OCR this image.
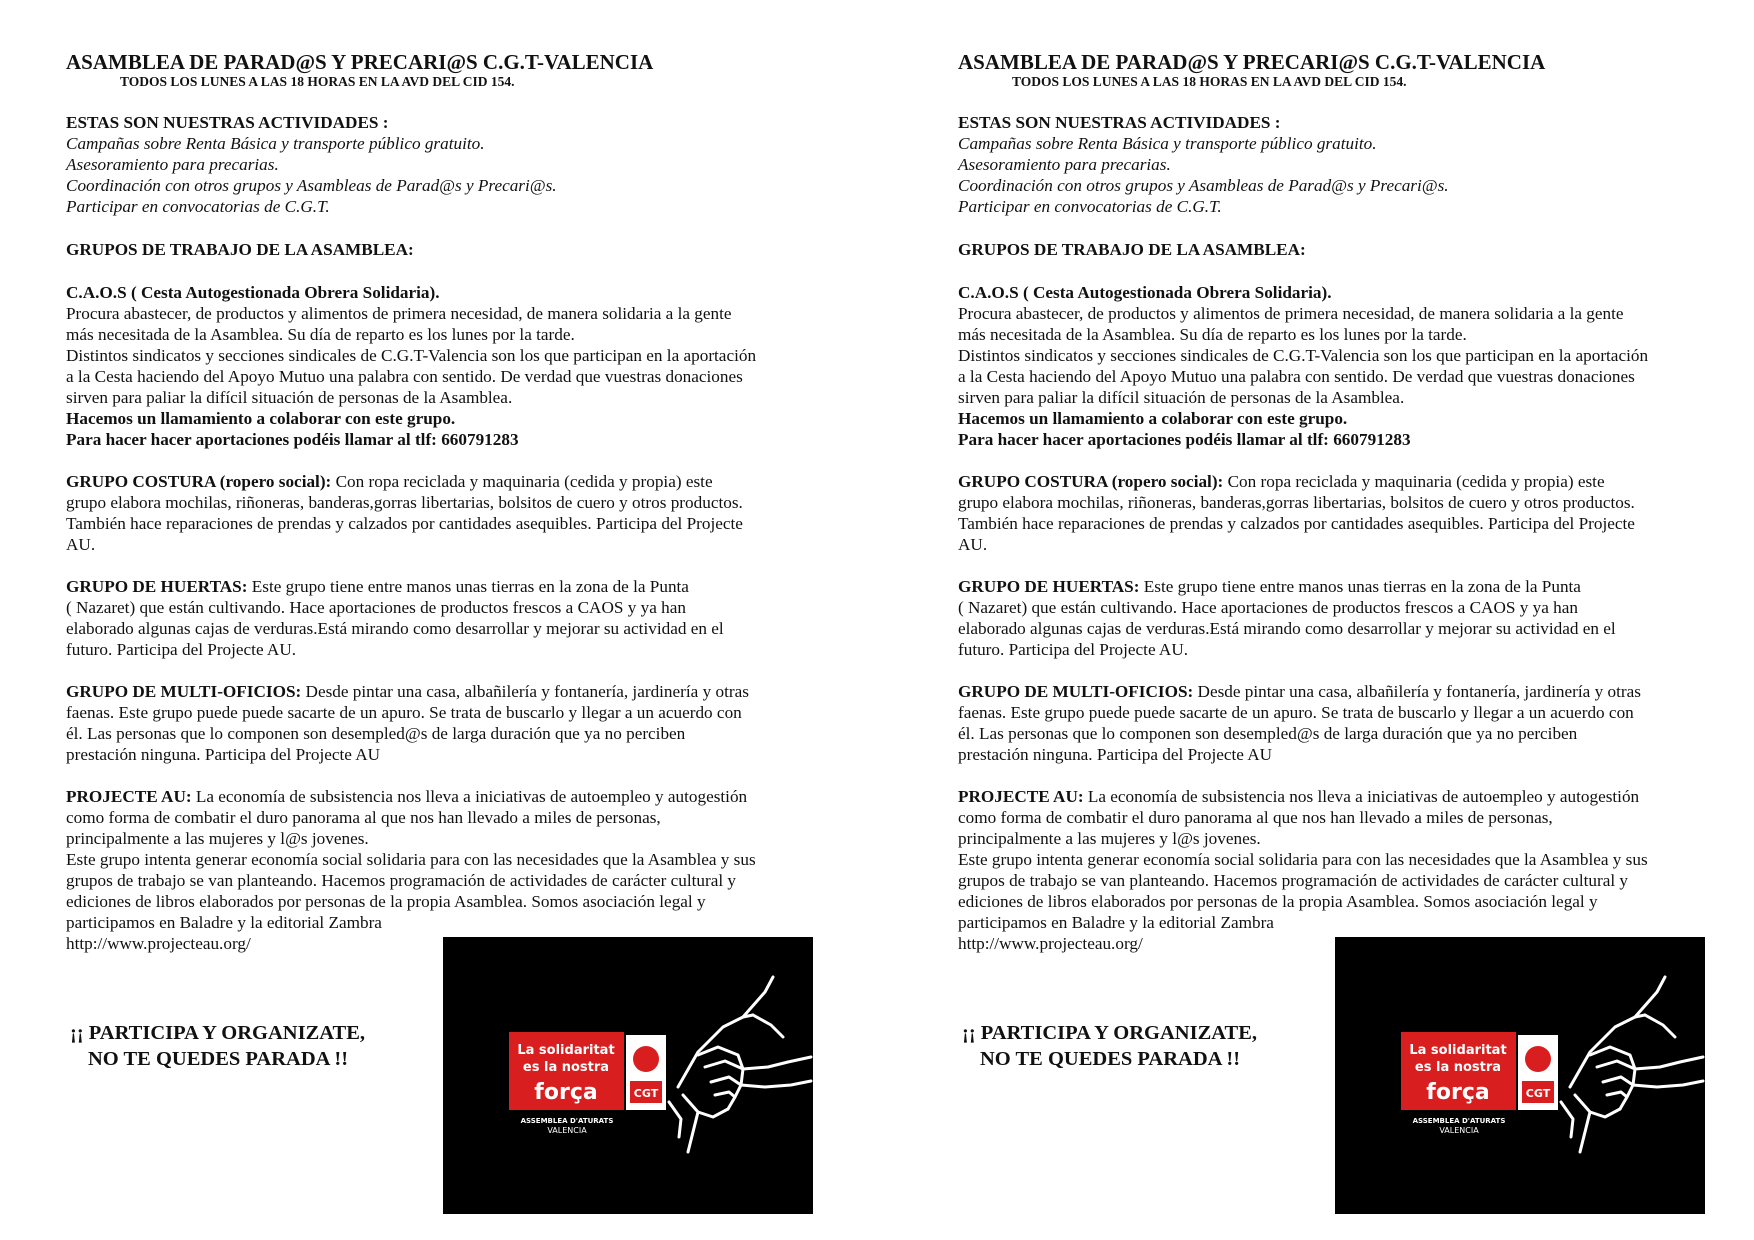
ASAMBLEA DE PARAD@S Y PRECARI@S C.G.T-VALENCIA

TODOS LOS LUNES A LAS 18 HORAS EN LA AVD DEL CID 154.

ESTAS SON NUESTRAS ACTIVIDADES :

Campañas sobre Renta Básica y transporte público gratuito.

Asesoramiento para precarias.

Coordinación con otros grupos y Asambleas de Parad@s y Precari@s.

Participar en convocatorias de C.G.T.

GRUPOS DE TRABAJO DE LA ASAMBLEA:

C.A.O.S ( Cesta Autogestionada Obrera Solidaria).

Procura abastecer, de productos y alimentos de primera necesidad, de manera solidaria a la gente

más necesitada de la Asamblea. Su día de reparto es los lunes por la tarde.

Distintos sindicatos y secciones sindicales de C.G.T-Valencia son los que participan en la aportación

a la Cesta haciendo del Apoyo Mutuo una palabra con sentido. De verdad que vuestras donaciones

sirven para paliar la difícil situación de personas de la Asamblea.

Hacemos un llamamiento a colaborar con este grupo.

Para hacer hacer aportaciones podéis llamar al tlf: 660791283

GRUPO COSTURA (ropero social): Con ropa reciclada y maquinaria (cedida y propia) este

grupo elabora mochilas, riñoneras, banderas,gorras libertarias, bolsitos de cuero y otros productos.

También hace reparaciones de prendas y calzados por cantidades asequibles. Participa del Projecte

AU.

GRUPO DE HUERTAS: Este grupo tiene entre manos unas tierras en la zona de la Punta

( Nazaret) que están cultivando. Hace aportaciones de productos frescos a CAOS y ya han

elaborado algunas cajas de verduras.Está mirando como desarrollar y mejorar su actividad en el

futuro. Participa del Projecte AU.

GRUPO DE MULTI-OFICIOS: Desde pintar una casa, albañilería y fontanería, jardinería y otras

faenas. Este grupo puede puede sacarte de un apuro. Se trata de buscarlo y llegar a un acuerdo con

él. Las personas que lo componen son desempled@s de larga duración que ya no perciben

prestación ninguna. Participa del Projecte AU

PROJECTE AU: La economía de subsistencia nos lleva a iniciativas de autoempleo y autogestión

como forma de combatir el duro panorama al que nos han llevado a miles de personas,

principalmente a las mujeres y l@s jovenes.

Este grupo intenta generar economía social solidaria para con las necesidades que la Asamblea y sus

grupos de trabajo se van planteando. Hacemos programación de actividades de carácter cultural y

ediciones de libros elaborados por personas de la propia Asamblea. Somos asociación legal y

participamos en Baladre y la editorial Zambra

http://www.projecteau.org/

¡¡ PARTICIPA Y ORGANIZATE,
NO TE QUEDES PARADA !!	La solidaritat
es la nostra
força	CGT
ASSEMBLEA D'ATURATS
VALENCIA

ASAMBLEA DE PARAD@S Y PRECARI@S C.G.T-VALENCIA

TODOS LOS LUNES A LAS 18 HORAS EN LA AVD DEL CID 154.

ESTAS SON NUESTRAS ACTIVIDADES :

Campañas sobre Renta Básica y transporte público gratuito.

Asesoramiento para precarias.

Coordinación con otros grupos y Asambleas de Parad@s y Precari@s.

Participar en convocatorias de C.G.T.

GRUPOS DE TRABAJO DE LA ASAMBLEA:

C.A.O.S ( Cesta Autogestionada Obrera Solidaria).

Procura abastecer, de productos y alimentos de primera necesidad, de manera solidaria a la gente

más necesitada de la Asamblea. Su día de reparto es los lunes por la tarde.

Distintos sindicatos y secciones sindicales de C.G.T-Valencia son los que participan en la aportación

a la Cesta haciendo del Apoyo Mutuo una palabra con sentido. De verdad que vuestras donaciones

sirven para paliar la difícil situación de personas de la Asamblea.

Hacemos un llamamiento a colaborar con este grupo.

Para hacer hacer aportaciones podéis llamar al tlf: 660791283

GRUPO COSTURA (ropero social): Con ropa reciclada y maquinaria (cedida y propia) este

grupo elabora mochilas, riñoneras, banderas,gorras libertarias, bolsitos de cuero y otros productos.

También hace reparaciones de prendas y calzados por cantidades asequibles. Participa del Projecte

AU.

GRUPO DE HUERTAS: Este grupo tiene entre manos unas tierras en la zona de la Punta

( Nazaret) que están cultivando. Hace aportaciones de productos frescos a CAOS y ya han

elaborado algunas cajas de verduras.Está mirando como desarrollar y mejorar su actividad en el

futuro. Participa del Projecte AU.

GRUPO DE MULTI-OFICIOS: Desde pintar una casa, albañilería y fontanería, jardinería y otras

faenas. Este grupo puede puede sacarte de un apuro. Se trata de buscarlo y llegar a un acuerdo con

él. Las personas que lo componen son desempled@s de larga duración que ya no perciben

prestación ninguna. Participa del Projecte AU

PROJECTE AU: La economía de subsistencia nos lleva a iniciativas de autoempleo y autogestión

como forma de combatir el duro panorama al que nos han llevado a miles de personas,

principalmente a las mujeres y l@s jovenes.

Este grupo intenta generar economía social solidaria para con las necesidades que la Asamblea y sus

grupos de trabajo se van planteando. Hacemos programación de actividades de carácter cultural y

ediciones de libros elaborados por personas de la propia Asamblea. Somos asociación legal y

participamos en Baladre y la editorial Zambra

http://www.projecteau.org/

¡¡ PARTICIPA Y ORGANIZATE,
NO TE QUEDES PARADA !!	La solidaritat
es la nostra
força	CGT
ASSEMBLEA D'ATURATS
VALENCIA
